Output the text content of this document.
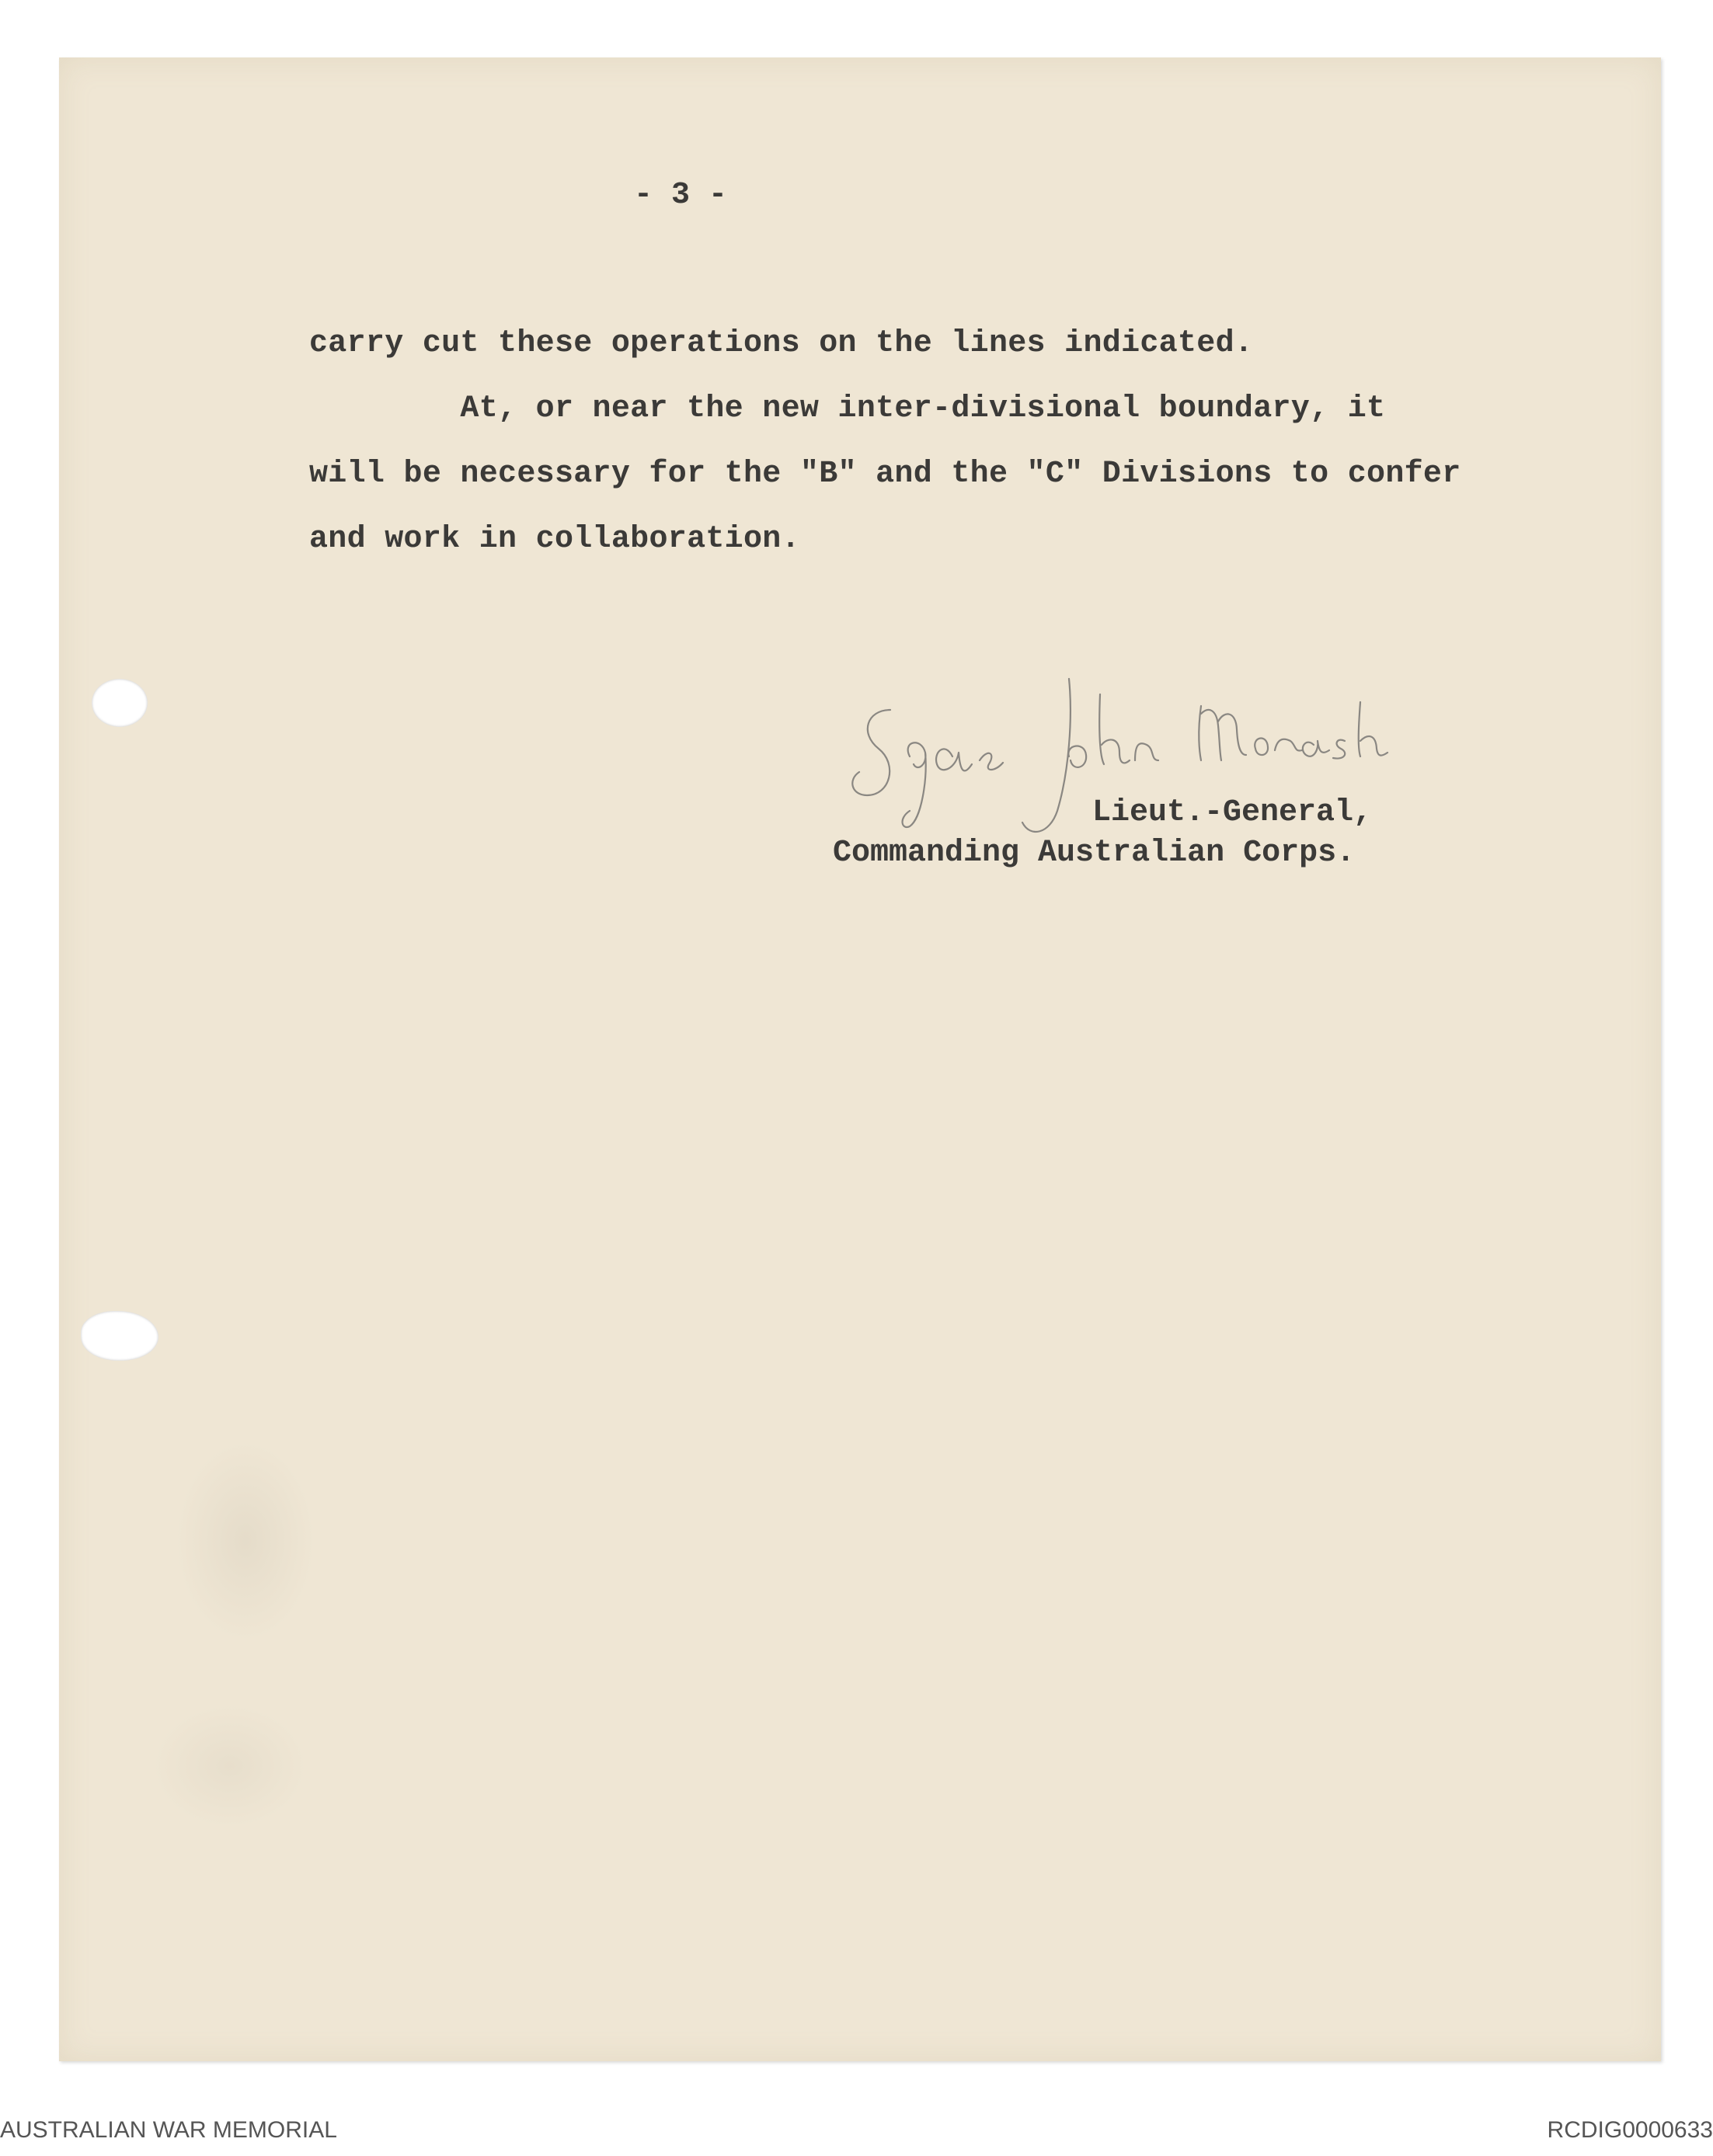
- 3 -

carry cut these operations on the lines indicated.

At, or near the new inter-divisional boundary, it

will be necessary for the "B" and the "C" Divisions to confer

and work in collaboration.

Lieut.-General,

Commanding Australian Corps.

AUSTRALIAN WAR MEMORIAL	RCDIG0000633
